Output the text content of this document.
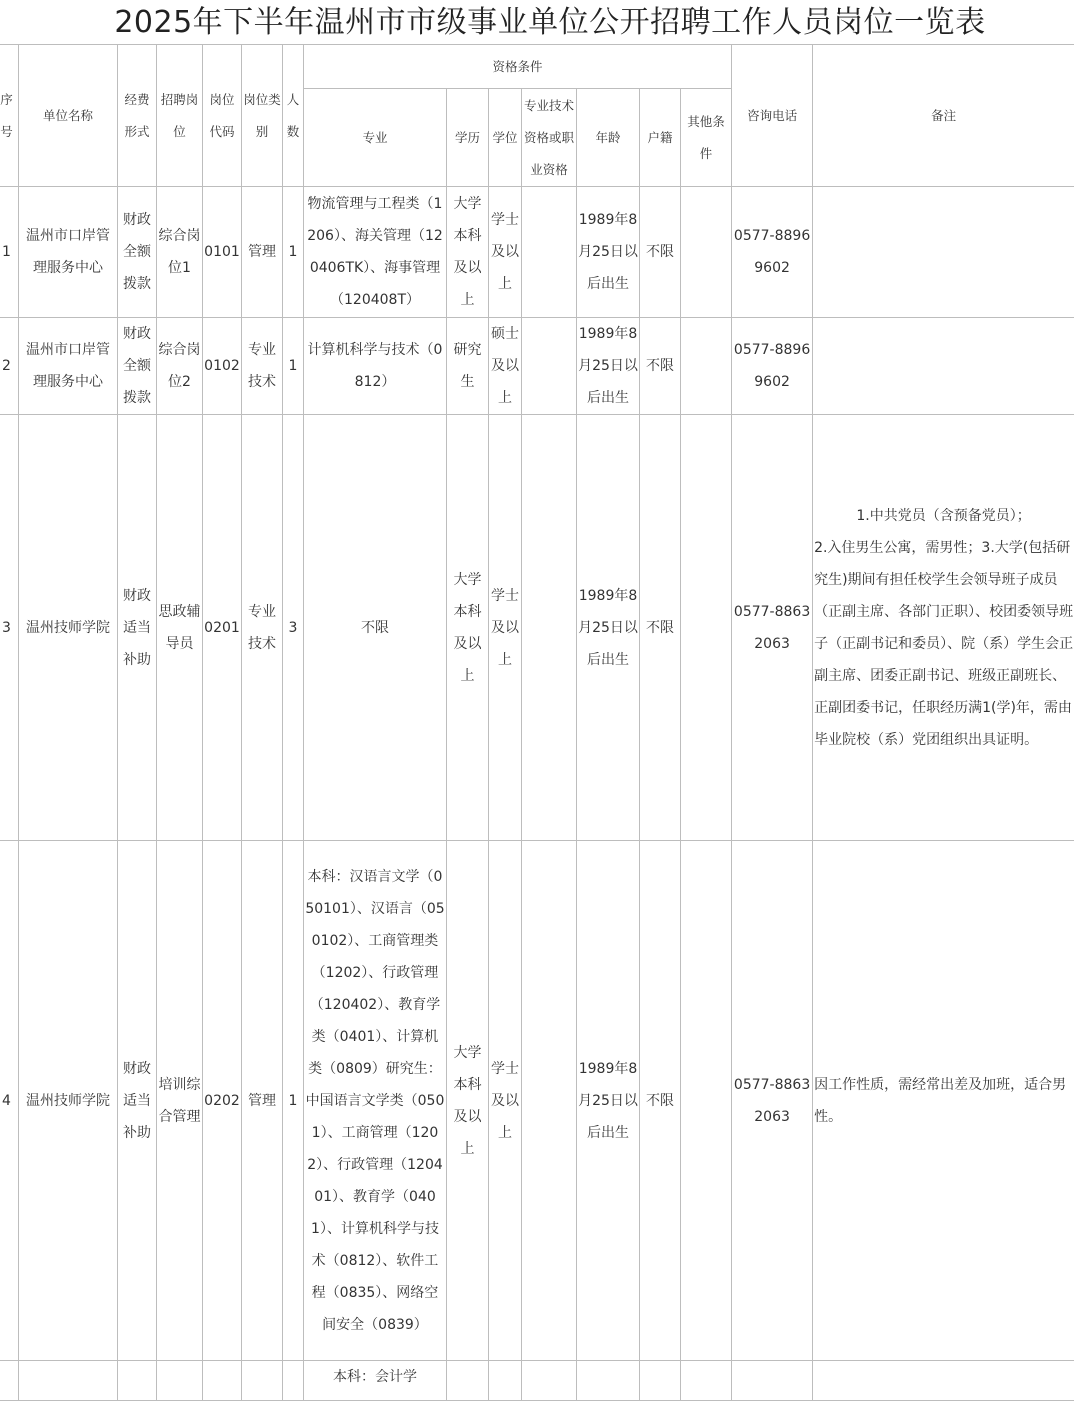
2025年下半年温州市市级事业单位公开招聘工作人员岗位一览表
序号	单位名称	经费形式	招聘岗位	岗位代码	岗位类别	人数	资格条件							咨询电话	备注
							专业	学历	学位	专业技术资格或职业资格	年龄	户籍	其他条件		
1	温州市口岸管理服务中心	财政全额拨款	综合岗位1	0101	管理	1	物流管理与工程类（1206）、海关管理（120406TK）、海事管理（120408T）	大学本科及以上	学士及以上		1989年8月25日以后出生	不限		0577-88969602	
2	温州市口岸管理服务中心	财政全额拨款	综合岗位2	0102	专业技术	1	计算机科学与技术（0812）	研究生	硕士及以上		1989年8月25日以后出生	不限		0577-88969602	
3	温州技师学院	财政适当补助	思政辅导员	0201	专业技术	3	不限	大学本科及以上	学士及以上		1989年8月25日以后出生	不限		0577-88632063	1.中共党员（含预备党员）；
2.入住男生公寓，需男性；3.大学(包括研究生)期间有担任校学生会领导班子成员（正副主席、各部门正职）、校团委领导班子（正副书记和委员）、院（系）学生会正副主席、团委正副书记、班级正副班长、正副团委书记，任职经历满1(学)年，需由毕业院校（系）党团组织出具证明。

4	温州技师学院	财政适当补助	培训综合管理	0202	管理	1	本科：汉语言文学（050101）、汉语言（050102）、工商管理类（1202）、行政管理（120402）、教育学类（0401）、计算机类（0809）研究生：中国语言文学类（0501）、工商管理（1202）、行政管理（120401）、教育学（0401）、计算机科学与技术（0812）、软件工程（0835）、网络空间安全（0839）	大学本科及以上	学士及以上		1989年8月25日以后出生	不限		0577-88632063	因工作性质，需经常出差及加班，适合男性。
							本科：会计学								
